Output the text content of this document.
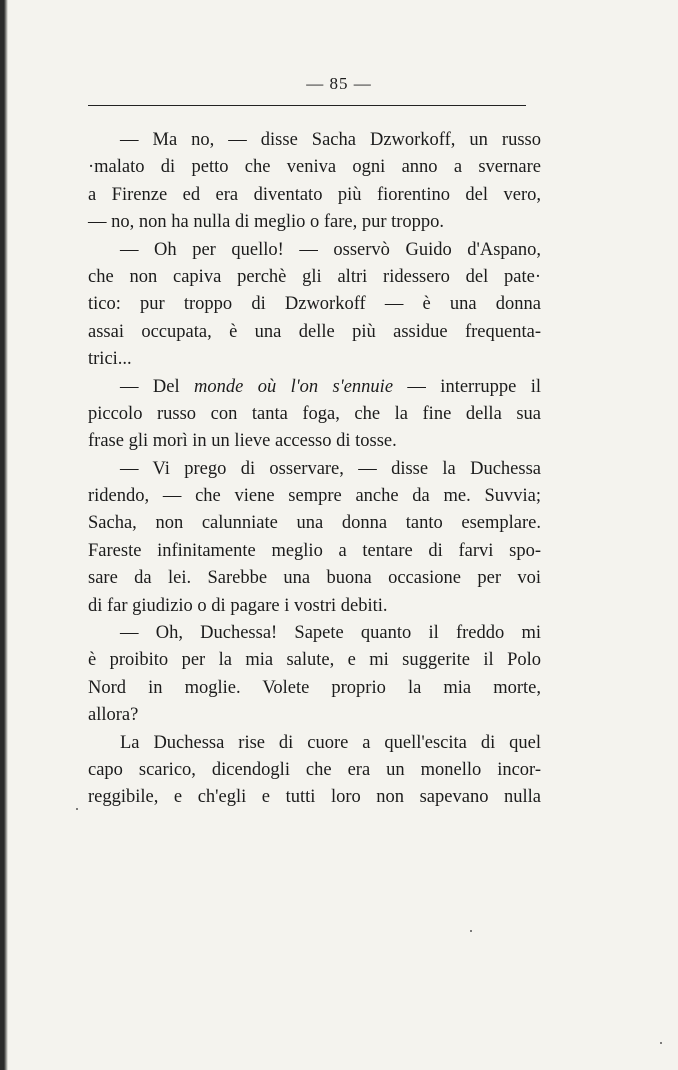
— 85 —
— Ma no, — disse Sacha Dzworkoff, un russo
·malato di petto che veniva ogni anno a svernare
a Firenze ed era diventato più fiorentino del vero,
— no, non ha nulla di meglio o fare, pur troppo.
— Oh per quello! — osservò Guido d'Aspano,
che non capiva perchè gli altri ridessero del pate·
tico: pur troppo di Dzworkoff — è una donna
assai occupata, è una delle più assidue frequenta-
trici...
— Del monde où l'on s'ennuie — interruppe il
piccolo russo con tanta foga, che la fine della sua
frase gli morì in un lieve accesso di tosse.
— Vi prego di osservare, — disse la Duchessa
ridendo, — che viene sempre anche da me. Suvvia;
Sacha, non calunniate una donna tanto esemplare.
Fareste infinitamente meglio a tentare di farvi spo-
sare da lei. Sarebbe una buona occasione per voi
di far giudizio o di pagare i vostri debiti.
— Oh, Duchessa! Sapete quanto il freddo mi
è proibito per la mia salute, e mi suggerite il Polo
Nord in moglie. Volete proprio la mia morte,
allora?
La Duchessa rise di cuore a quell'escita di quel
capo scarico, dicendogli che era un monello incor-
reggibile, e ch'egli e tutti loro non sapevano nulla
